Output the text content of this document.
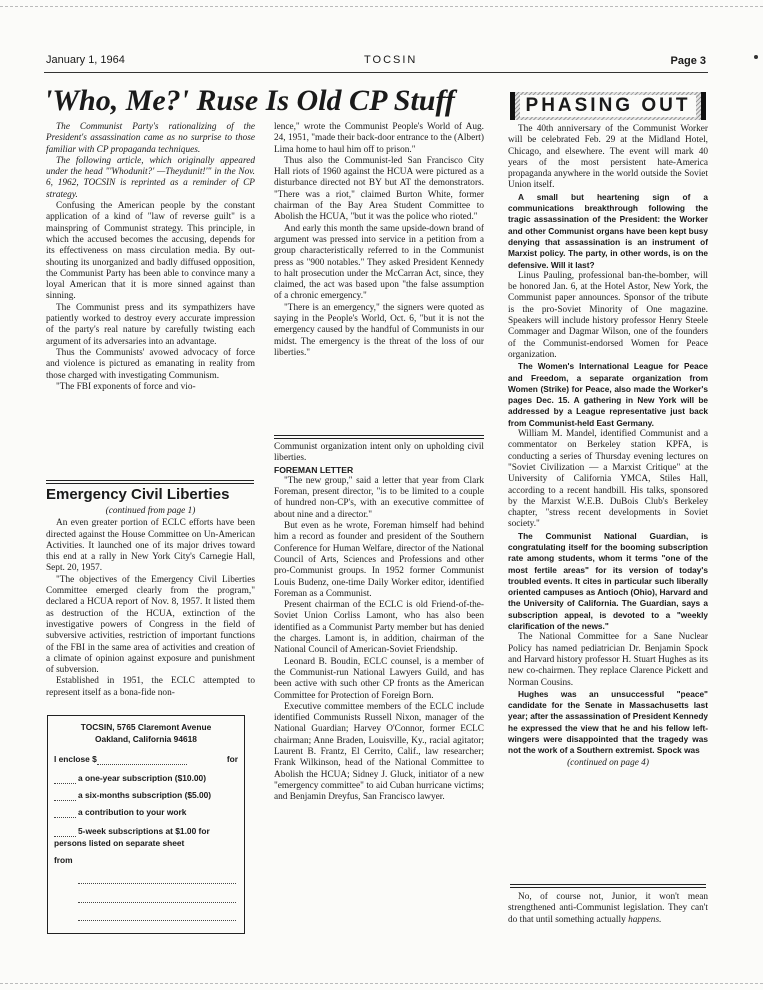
January 1, 1964	TOCSIN	Page 3
'Who, Me?' Ruse Is Old CP Stuff

The Communist Party's rationalizing of the President's assassination came as no surprise to those familiar with CP propaganda techniques.

The following article, which originally appeared under the head "'Whodunit?' —Theydunit!'" in the Nov. 6, 1962, TOCSIN is reprinted as a reminder of CP strategy.

Confusing the American people by the constant application of a kind of "law of reverse guilt" is a mainspring of Communist strategy. This principle, in which the accused becomes the accusing, depends for its effectiveness on mass circulation media. By out-shouting its unorganized and badly diffused opposition, the Communist Party has been able to convince many a loyal American that it is more sinned against than sinning.

The Communist press and its sympathizers have patiently worked to destroy every accurate impression of the party's real nature by carefully twisting each argument of its adversaries into an advantage.

Thus the Communists' avowed advocacy of force and violence is pictured as emanating in reality from those charged with investigating Communism.

"The FBI exponents of force and vio-

lence," wrote the Communist People's World of Aug. 24, 1951, "made their back-door entrance to the (Albert) Lima home to haul him off to prison."

Thus also the Communist-led San Francisco City Hall riots of 1960 against the HCUA were pictured as a disturbance directed not BY but AT the demonstrators. "There was a riot," claimed Burton White, former chairman of the Bay Area Student Committee to Abolish the HCUA, "but it was the police who rioted."

And early this month the same upside-down brand of argument was pressed into service in a petition from a group characteristically referred to in the Communist press as "900 notables." They asked President Kennedy to halt prosecution under the McCarran Act, since, they claimed, the act was based upon "the false assumption of a chronic emergency."

"There is an emergency," the signers were quoted as saying in the People's World, Oct. 6, "but it is not the emergency caused by the handful of Communists in our midst. The emergency is the threat of the loss of our liberties."

Emergency Civil Liberties
(continued from page 1)

An even greater portion of ECLC efforts have been directed against the House Committee on Un-American Activities. It launched one of its major drives toward this end at a rally in New York City's Carnegie Hall, Sept. 20, 1957.

"The objectives of the Emergency Civil Liberties Committee emerged clearly from the program," declared a HCUA report of Nov. 8, 1957. It listed them as destruction of the HCUA, extinction of the investigative powers of Congress in the field of subversive activities, restriction of important functions of the FBI in the same area of activities and creation of a climate of opinion against exposure and punishment of subversion.

Established in 1951, the ECLC attempted to represent itself as a bona-fide non-

Communist organization intent only on upholding civil liberties.

FOREMAN LETTER

"The new group," said a letter that year from Clark Foreman, present director, "is to be limited to a couple of hundred non-CP's, with an executive committee of about nine and a director."

But even as he wrote, Foreman himself had behind him a record as founder and president of the Southern Conference for Human Welfare, director of the National Council of Arts, Sciences and Professions and other pro-Communist groups. In 1952 former Communist Louis Budenz, one-time Daily Worker editor, identified Foreman as a Communist.

Present chairman of the ECLC is old Friend-of-the-Soviet Union Corliss Lamont, who has also been identified as a Communist Party member but has denied the charges. Lamont is, in addition, chairman of the National Council of American-Soviet Friendship.

Leonard B. Boudin, ECLC counsel, is a member of the Communist-run National Lawyers Guild, and has been active with such other CP fronts as the American Committee for Protection of Foreign Born.

Executive committee members of the ECLC include identified Communists Russell Nixon, manager of the National Guardian; Harvey O'Connor, former ECLC chairman; Anne Braden, Louisville, Ky., racial agitator; Laurent B. Frantz, El Cerrito, Calif., law researcher; Frank Wilkinson, head of the National Committee to Abolish the HCUA; Sidney J. Gluck, initiator of a new "emergency committee" to aid Cuban hurricane victims; and Benjamin Dreyfus, San Francisco lawyer.

TOCSIN, 5765 Claremont Avenue
Oakland, California 94618
I enclose $	for
a one-year subscription ($10.00)
a six-months subscription ($5.00)
a contribution to your work
5-week subscriptions at $1.00 for
persons listed on separate sheet
from
PHASING OUT

The 40th anniversary of the Communist Worker will be celebrated Feb. 29 at the Midland Hotel, Chicago, and elsewhere. The event will mark 40 years of the most persistent hate-America propaganda anywhere in the world outside the Soviet Union itself.

A small but heartening sign of a communications breakthrough following the tragic assassination of the President: the Worker and other Communist organs have been kept busy denying that assassination is an instrument of Marxist policy. The party, in other words, is on the defensive. Will it last?

Linus Pauling, professional ban-the-bomber, will be honored Jan. 6, at the Hotel Astor, New York, the Communist paper announces. Sponsor of the tribute is the pro-Soviet Minority of One magazine. Speakers will include history professor Henry Steele Commager and Dagmar Wilson, one of the founders of the Communist-endorsed Women for Peace organization.

The Women's International League for Peace and Freedom, a separate organization from Women (Strike) for Peace, also made the Worker's pages Dec. 15. A gathering in New York will be addressed by a League representative just back from Communist-held East Germany.

William M. Mandel, identified Communist and a commentator on Berkeley station KPFA, is conducting a series of Thursday evening lectures on "Soviet Civilization — a Marxist Critique" at the University of California YMCA, Stiles Hall, according to a recent handbill. His talks, sponsored by the Marxist W.E.B. DuBois Club's Berkeley chapter, "stress recent developments in Soviet society."

The Communist National Guardian, is congratulating itself for the booming subscription rate among students, whom it terms "one of the most fertile areas" for its version of today's troubled events. It cites in particular such liberally oriented campuses as Antioch (Ohio), Harvard and the University of California. The Guardian, says a subscription appeal, is devoted to a "weekly clarification of the news."

The National Committee for a Sane Nuclear Policy has named pediatrician Dr. Benjamin Spock and Harvard history professor H. Stuart Hughes as its new co-chairmen. They replace Clarence Pickett and Norman Cousins.

Hughes was an unsuccessful "peace" candidate for the Senate in Massachusetts last year; after the assassination of President Kennedy he expressed the view that he and his fellow left-wingers were disappointed that the tragedy was not the work of a Southern extremist. Spock was

(continued on page 4)

No, of course not, Junior, it won't mean strengthened anti-Communist legislation. They can't do that until something actually happens.
